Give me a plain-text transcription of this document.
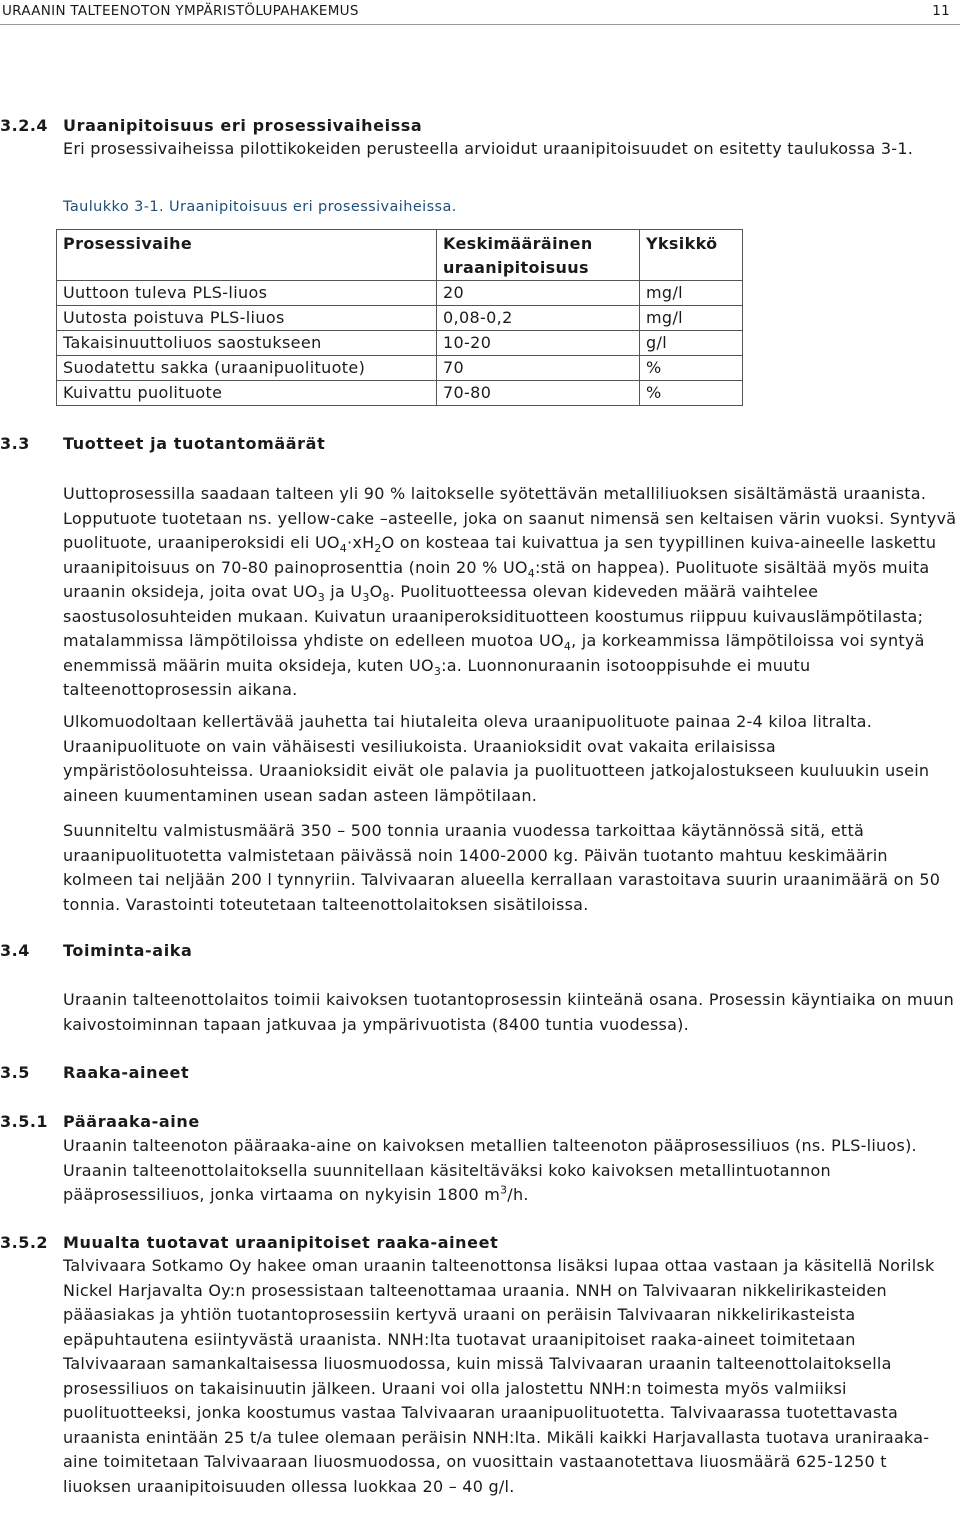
URAANIN TALTEENOTON YMPÄRISTÖLUPAHAKEMUS	11
3.2.4 Uraanipitoisuus eri prosessivaiheissa

Eri prosessivaiheissa pilottikokeiden perusteella arvioidut uraanipitoisuudet on esitetty taulukossa 3-1.

Taulukko 3-1. Uraanipitoisuus eri prosessivaiheissa.
Prosessivaihe	Keskimääräinen uraanipitoisuus	Yksikkö
Uuttoon tuleva PLS-liuos	20	mg/l
Uutosta poistuva PLS-liuos	0,08-0,2	mg/l
Takaisinuuttoliuos saostukseen	10-20	g/l
Suodatettu sakka (uraanipuolituote)	70	%
Kuivattu puolituote	70-80	%
3.3 Tuotteet ja tuotantomäärät

Uuttoprosessilla saadaan talteen yli 90 % laitokselle syötettävän metalliliuoksen sisältämästä uraanista. Lopputuote tuotetaan ns. yellow-cake –asteelle, joka on saanut nimensä sen keltaisen värin vuoksi. Syntyvä puolituote, uraaniperoksidi eli $UO_4\cdot xH_2O$ on kosteaa tai kuivattua ja sen tyypillinen kuiva-aineelle laskettu uraanipitoisuus on 70-80 painoprosenttia (noin 20 % $UO_4:stä$ on happea). Puolituote sisältää myös muita uraanin oksideja, joita ovat $UO_3$ ja $U_3O_8$. Puolituotteessa olevan kideveden määrä vaihtelee saostusolosuhteiden mukaan. Kuivatun uraaniperoksidituotteen koostumus riippuu kuivauslämpötilasta; matalammissa lämpötiloissa yhdiste on edelleen muotoa $UO_4$, ja korkeammissa lämpötiloissa voi syntyä enemmissä määrin muita oksideja, kuten $UO_3:a$. Luonnonuraanin isotooppisuhde ei muutu talteenottoprosessin aikana.

Ulkomuodoltaan kellertävää jauhetta tai hiutaleita oleva uraanipuolituote painaa 2-4 kiloa litralta. Uraanipuolituote on vain vähäisesti vesiliukoista. Uraanioksidit ovat vakaita erilaisissa ympäristöolosuhteissa. Uraanioksidit eivät ole palavia ja puolituotteen jatkojalostukseen kuuluukin usein aineen kuumentaminen usean sadan asteen lämpötilaan.

Suunniteltu valmistusmäärä 350 – 500 tonnia uraania vuodessa tarkoittaa käytännössä sitä, että uraanipuolituotetta valmistetaan päivässä noin 1400-2000 kg. Päivän tuotanto mahtuu keskimäärin kolmeen tai neljään 200 l tynnyriin. Talvivaaran alueella kerrallaan varastoitava suurin uraanimäärä on 50 tonnia. Varastointi toteutetaan talteenottolaitoksen sisätiloissa.

3.4 Toiminta-aika

Uraanin talteenottolaitos toimii kaivoksen tuotantoprosessin kiinteänä osana. Prosessin käyntiaika on muun kaivostoiminnan tapaan jatkuvaa ja ympärivuotista (8400 tuntia vuodessa).

3.5 Raaka-aineet
3.5.1 Pääraaka-aine

Uraanin talteenoton pääraaka-aine on kaivoksen metallien talteenoton pääprosessiliuos (ns. PLS-liuos). Uraanin talteenottolaitoksella suunnitellaan käsiteltäväksi koko kaivoksen metallintuotannon pääprosessiliuos, jonka virtaama on nykyisin 1800 $m^3/h$.

3.5.2 Muualta tuotavat uraanipitoiset raaka-aineet

Talvivaara Sotkamo Oy hakee oman uraanin talteenottonsa lisäksi lupaa ottaa vastaan ja käsitellä Norilsk Nickel Harjavalta Oy:n prosessistaan talteenottamaa uraania. NNH on Talvivaaran nikkelirikasteiden pääasiakas ja yhtiön tuotantoprosessiin kertyvä uraani on peräisin Talvivaaran nikkelirikasteista epäpuhtautena esiintyvästä uraanista. NNH:lta tuotavat uraanipitoiset raaka-aineet toimitetaan Talvivaaraan samankaltaisessa liuosmuodossa, kuin missä Talvivaaran uraanin talteenottolaitoksella prosessiliuos on takaisinuutin jälkeen. Uraani voi olla jalostettu NNH:n toimesta myös valmiiksi puolituotteeksi, jonka koostumus vastaa Talvivaaran uraanipuolituotetta. Talvivaarassa tuotettavasta uraanista enintään 25 t/a tulee olemaan peräisin NNH:lta. Mikäli kaikki Harjavallasta tuotava uraniraaka-aine toimitetaan Talvivaaraan liuosmuodossa, on vuosittain vastaanotettava liuosmäärä 625-1250 t liuoksen uraanipitoisuuden ollessa luokkaa 20 – 40 g/l.
